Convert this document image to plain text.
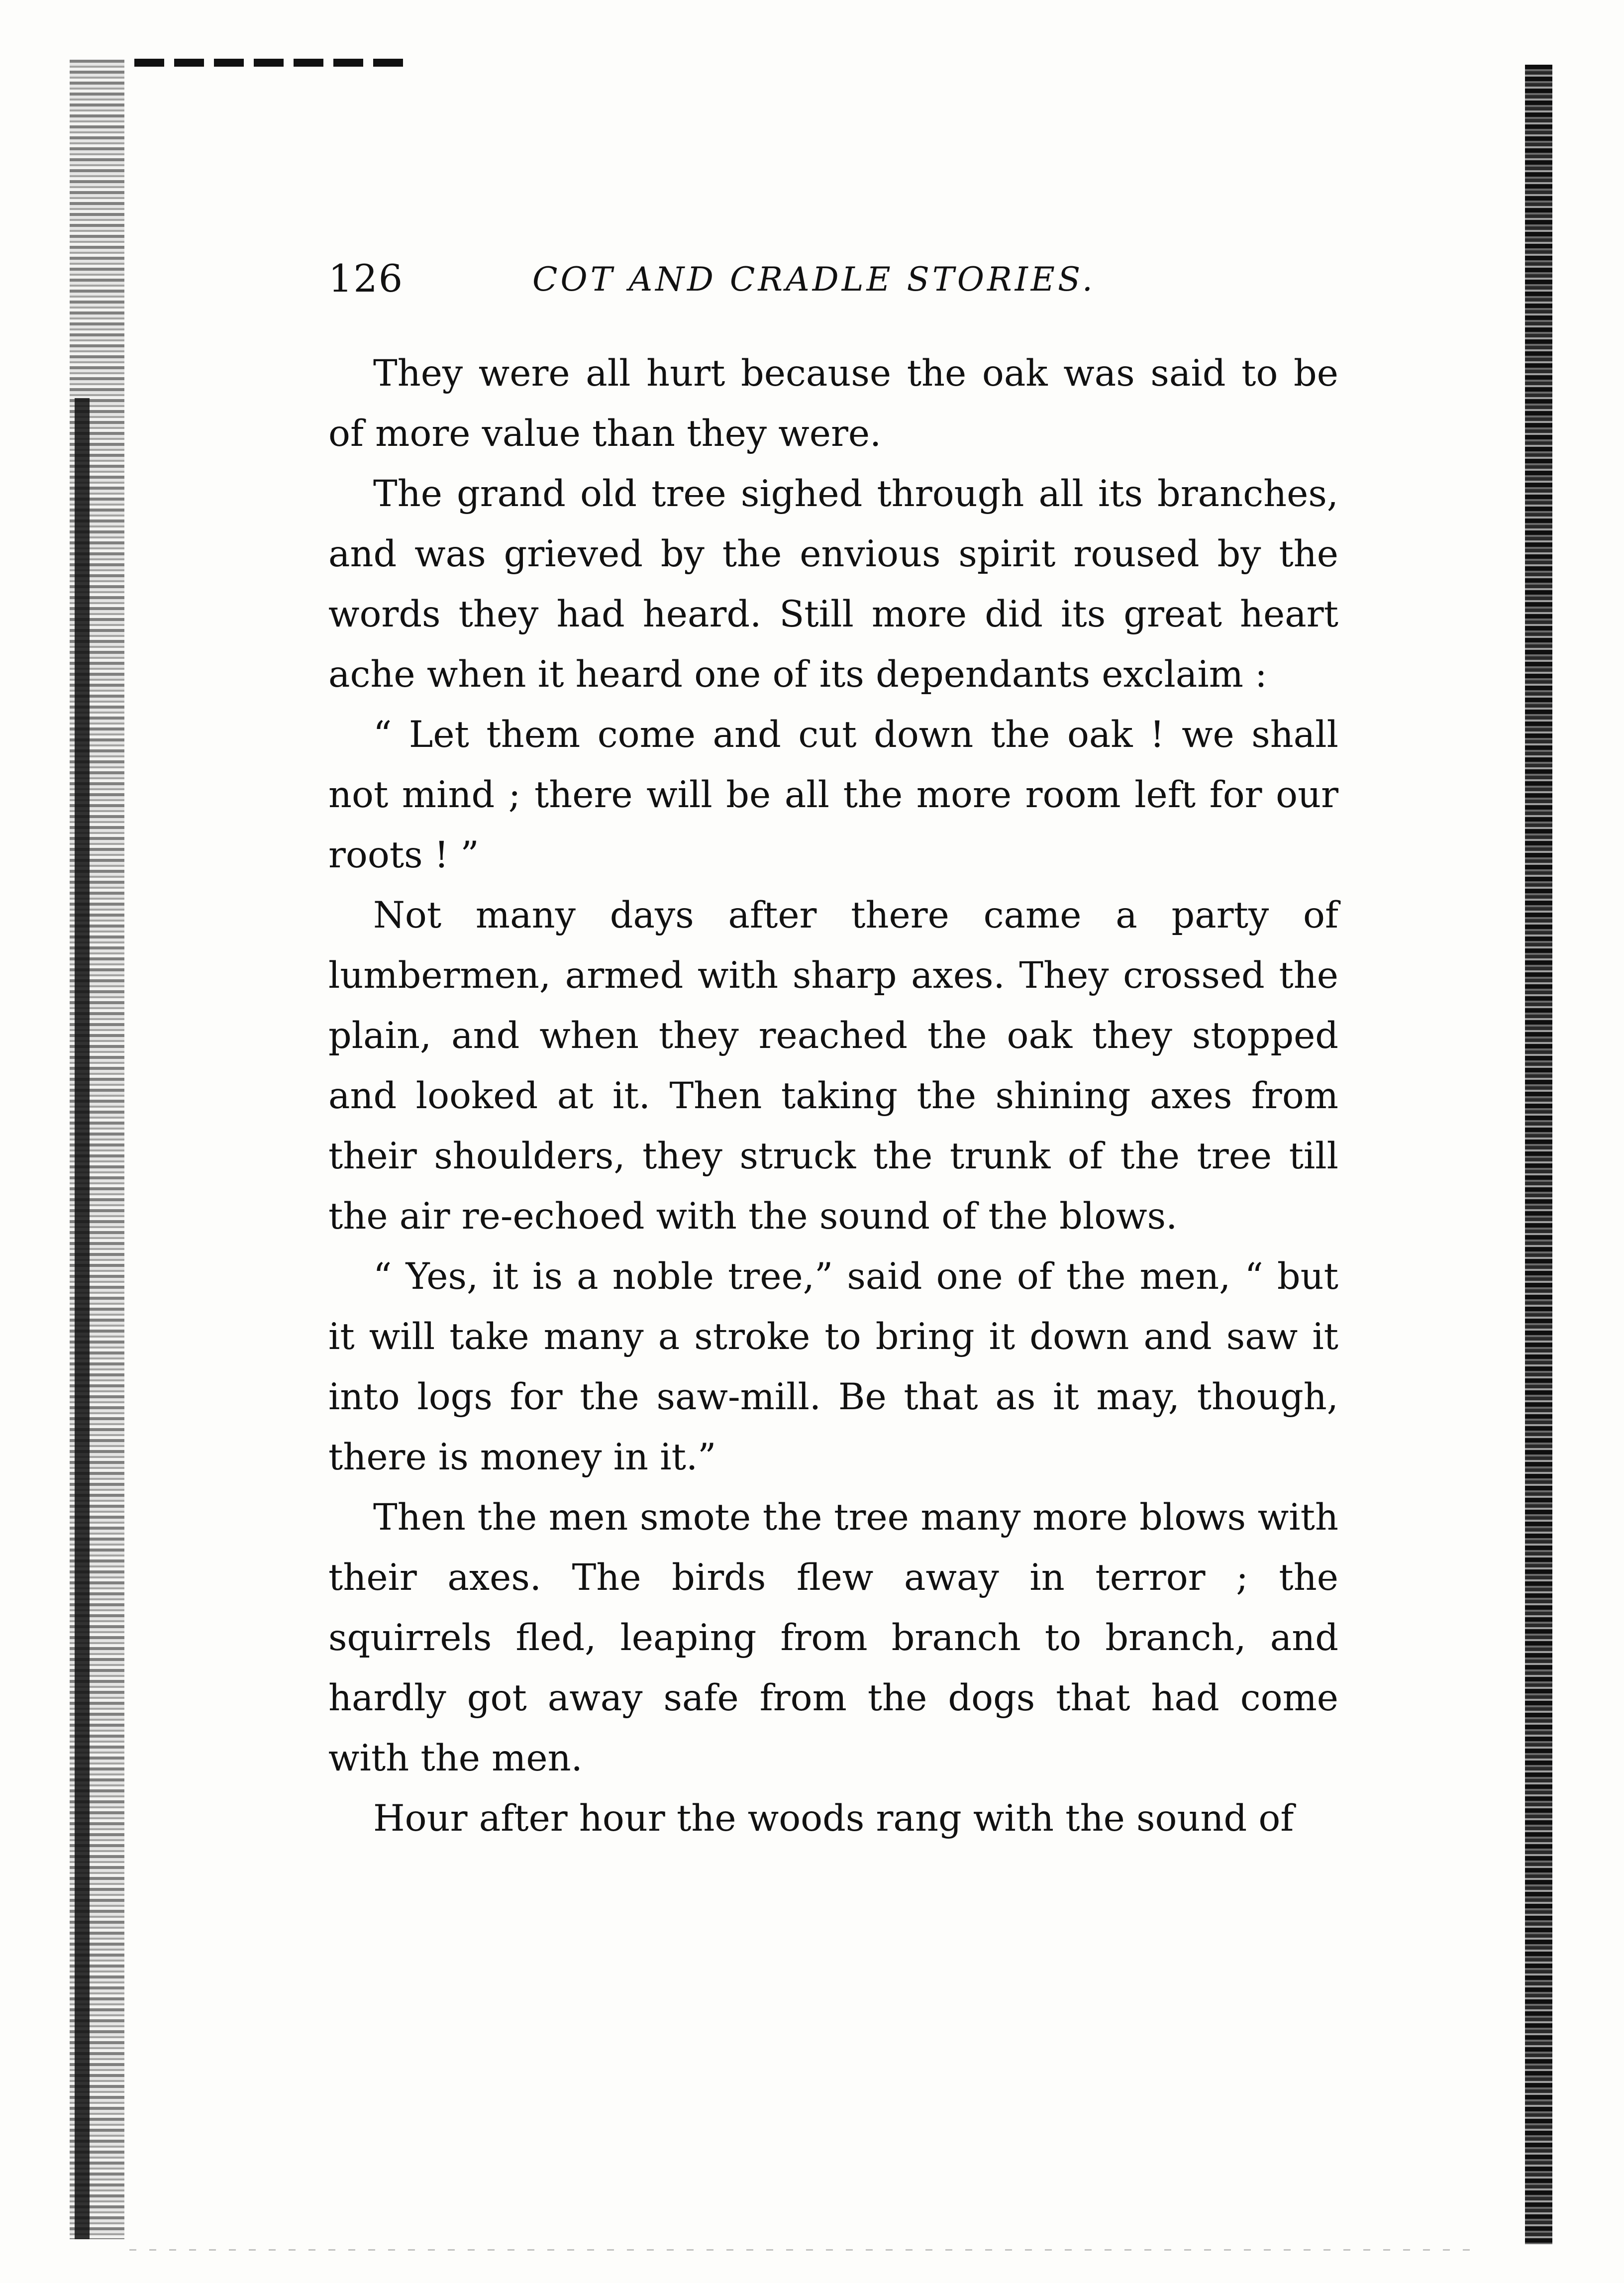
126	COT AND CRADLE STORIES.

They were all hurt because the oak was said to be of more value than they were.

The grand old tree sighed through all its branches, and was grieved by the envious spirit roused by the words they had heard. Still more did its great heart ache when it heard one of its dependants exclaim :

“ Let them come and cut down the oak ! we shall not mind ; there will be all the more room left for our roots ! ”

Not many days after there came a party of lumbermen, armed with sharp axes. They crossed the plain, and when they reached the oak they stopped and looked at it. Then taking the shining axes from their shoulders, they struck the trunk of the tree till the air re-echoed with the sound of the blows.

“ Yes, it is a noble tree,” said one of the men, “ but it will take many a stroke to bring it down and saw it into logs for the saw-mill. Be that as it may, though, there is money in it.”

Then the men smote the tree many more blows with their axes. The birds flew away in terror ; the squirrels fled, leaping from branch to branch, and hardly got away safe from the dogs that had come with the men.

Hour after hour the woods rang with the sound of
